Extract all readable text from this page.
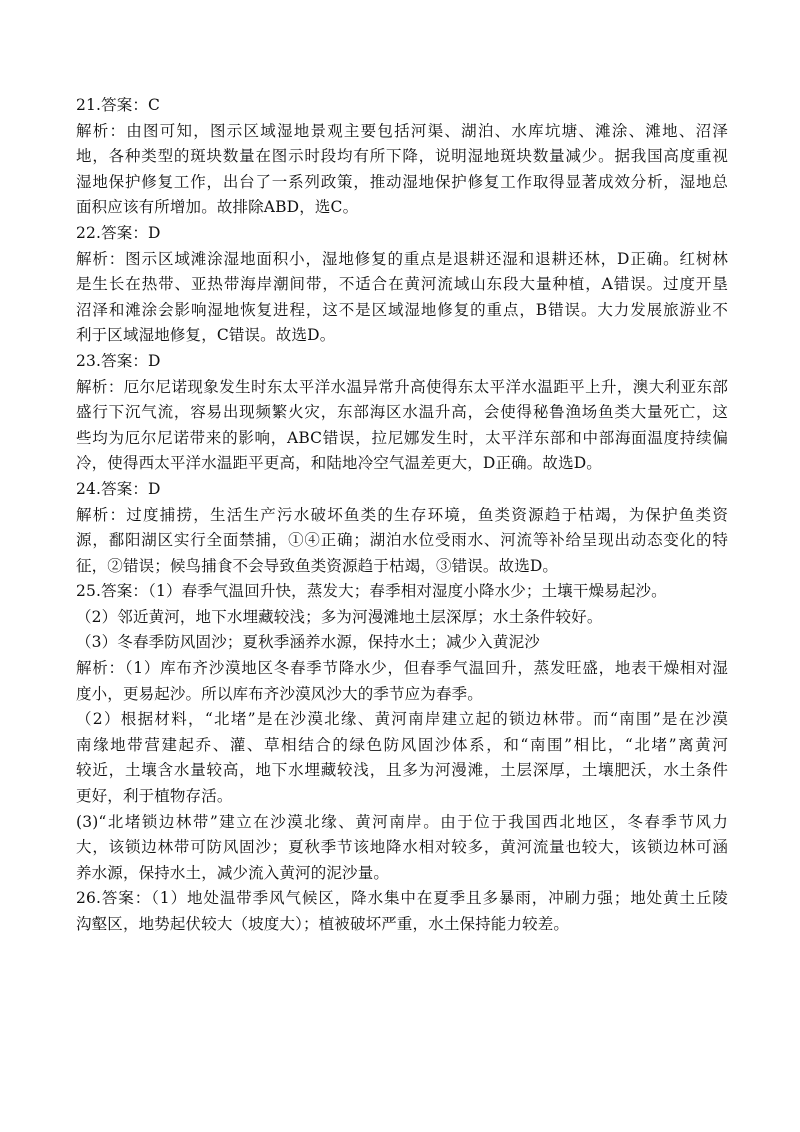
21.答案：C
解析：由图可知，图示区域湿地景观主要包括河渠、湖泊、水库坑塘、滩涂、滩地、沼泽
地，各种类型的斑块数量在图示时段均有所下降，说明湿地斑块数量减少。据我国高度重视
湿地保护修复工作，出台了一系列政策，推动湿地保护修复工作取得显著成效分析，湿地总
面积应该有所增加。故排除ABD，选C。
22.答案：D
解析：图示区域滩涂湿地面积小，湿地修复的重点是退耕还湿和退耕还林，D正确。红树林
是生长在热带、亚热带海岸潮间带，不适合在黄河流域山东段大量种植，A错误。过度开垦
沼泽和滩涂会影响湿地恢复进程，这不是区域湿地修复的重点，B错误。大力发展旅游业不
利于区域湿地修复，C错误。故选D。
23.答案：D
解析：厄尔尼诺现象发生时东太平洋水温异常升高使得东太平洋水温距平上升，澳大利亚东部
盛行下沉气流，容易出现频繁火灾，东部海区水温升高，会使得秘鲁渔场鱼类大量死亡，这
些均为厄尔尼诺带来的影响，ABC错误，拉尼娜发生时，太平洋东部和中部海面温度持续偏
冷，使得西太平洋水温距平更高，和陆地冷空气温差更大，D正确。故选D。
24.答案：D
解析：过度捕捞，生活生产污水破坏鱼类的生存环境，鱼类资源趋于枯竭，为保护鱼类资
源，鄱阳湖区实行全面禁捕，①④正确；湖泊水位受雨水、河流等补给呈现出动态变化的特
征，②错误；候鸟捕食不会导致鱼类资源趋于枯竭，③错误。故选D。
25.答案：（1）春季气温回升快，蒸发大；春季相对湿度小降水少；土壤干燥易起沙。
（2）邻近黄河，地下水埋藏较浅；多为河漫滩地土层深厚；水土条件较好。
（3）冬春季防风固沙；夏秋季涵养水源，保持水土；减少入黄泥沙
解析：（1）库布齐沙漠地区冬春季节降水少，但春季气温回升，蒸发旺盛，地表干燥相对湿
度小，更易起沙。所以库布齐沙漠风沙大的季节应为春季。
（2）根据材料，“北堵”是在沙漠北缘、黄河南岸建立起的锁边林带。而“南围”是在沙漠
南缘地带营建起乔、灌、草相结合的绿色防风固沙体系，和“南围”相比，“北堵”离黄河
较近，土壤含水量较高，地下水埋藏较浅，且多为河漫滩，土层深厚，土壤肥沃，水土条件
更好，利于植物存活。
(3)“北堵锁边林带”建立在沙漠北缘、黄河南岸。由于位于我国西北地区，冬春季节风力
大，该锁边林带可防风固沙；夏秋季节该地降水相对较多，黄河流量也较大，该锁边林可涵
养水源，保持水土，减少流入黄河的泥沙量。
26.答案：（1）地处温带季风气候区，降水集中在夏季且多暴雨，冲刷力强；地处黄土丘陵
沟壑区，地势起伏较大（坡度大）；植被破坏严重，水土保持能力较差。
